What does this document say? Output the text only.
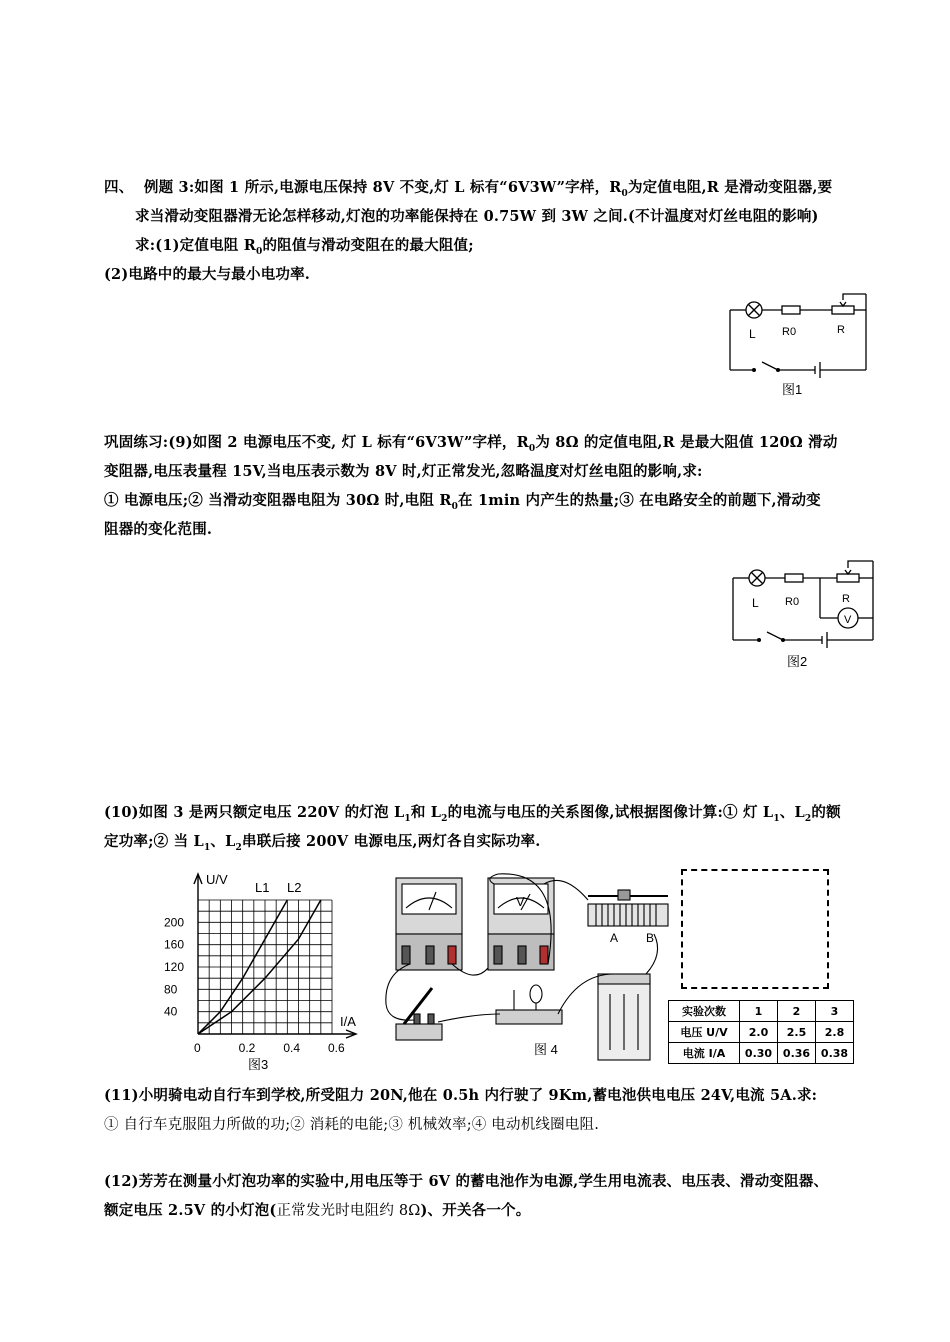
四、 例题 3:如图 1 所示,电源电压保持 8V 不变,灯 L 标有“6V3W”字样，$R_0$为定值电阻,R 是滑动变阻器,要
求当滑动变阻器滑无论怎样移动,灯泡的功率能保持在 0.75W 到 3W 之间.(不计温度对灯丝电阻的影响)
求:(1)定值电阻 $R_0$的阻值与滑动变阻在的最大阻值;
(2)电路中的最大与最小电功率.
L R0	R
图1
巩固练习:(9)如图 2 电源电压不变, 灯 L 标有“6V3W”字样，$R_0$为 8Ω 的定值电阻,R 是最大阻值 120Ω 滑动
变阻器,电压表量程 15V,当电压表示数为 8V 时,灯正常发光,忽略温度对灯丝电阻的影响,求:
① 电源电压;② 当滑动变阻器电阻为 30Ω 时,电阻 $R_0$在 1min 内产生的热量;③ 在电路安全的前题下,滑动变
阻器的变化范围.
L R0	R
V
图2
(10)如图 3 是两只额定电压 220V 的灯泡 $L_1$和 $L_2$的电流与电压的关系图像,试根据图像计算:① 灯 $L_1$、$L_2$的额
定功率;② 当 $L_1$、$L_2$串联后接 200V 电源电压,两灯各自实际功率.
U/V
I/A
L1 L2
40
80
120
160
200
0	0.2 0.4 0.6
图3
V
A B
图 4
实验次数	1	2	3
电压 U/V	2.0	2.5	2.8
电流 I/A	0.30	0.36	0.38
(11)小明骑电动自行车到学校,所受阻力 20N,他在 0.5h 内行驶了 9Km,蓄电池供电电压 24V,电流 5A.求:
① 自行车克服阻力所做的功;② 消耗的电能;③ 机械效率;④ 电动机线圈电阻.
(12)芳芳在测量小灯泡功率的实验中,用电压等于 6V 的蓄电池作为电源,学生用电流表、电压表、滑动变阻器、
额定电压 2.5V 的小灯泡(正常发光时电阻约 8Ω)、开关各一个。
